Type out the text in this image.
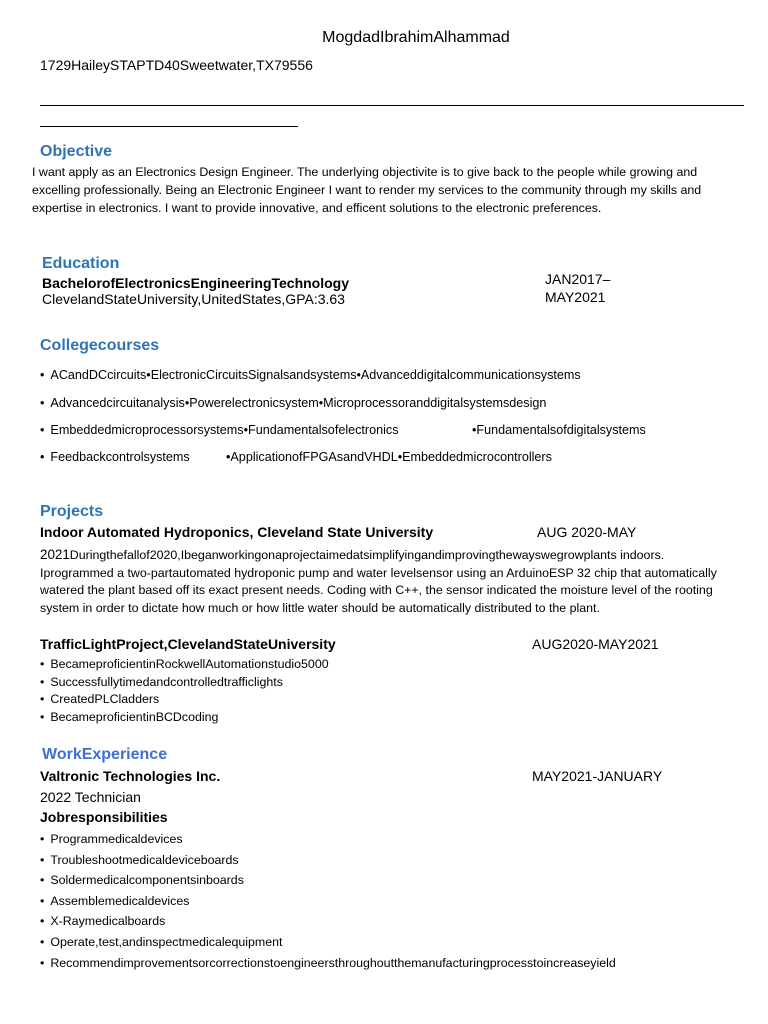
MogdadIbrahimAlhammad
1729HaileySTAPTD40Sweetwater,TX79556
Objective
I want apply as an Electronics Design Engineer. The underlying objectivite is to give back to the people while growing and excelling professionally. Being an Electronic Engineer I want to render my services to the community through my skills and expertise in electronics. I want to provide innovative, and efficent solutions to the electronic preferences.
Education
BachelorofElectronicsEngineeringTechnology
ClevelandStateUniversity,UnitedStates,GPA:3.63
JAN2017–
MAY2021
Collegecourses
• ACandDCcircuits•ElectronicCircuitsSignalsandsystems•Advanceddigitalcommunicationsystems
• Advancedcircuitanalysis•Powerelectronicsystem•Microprocessoranddigitalsystemsdesign
• Embeddedmicroprocessorsystems•Fundamentalsofelectronics	•Fundamentalsofdigitalsystems
• Feedbackcontrolsystems	•ApplicationofFPGAsandVHDL•Embeddedmicrocontrollers
Projects
Indoor Automated Hydroponics, Cleveland State University	AUG 2020-MAY
2021Duringthefallof2020,Ibeganworkingonaprojectaimedatsimplifyingandimprovingthewayswegrowplants indoors. Iprogrammed a two-partautomated hydroponic pump and water levelsensor using an ArduinoESP 32 chip that automatically watered the plant based off its exact present needs. Coding with C++, the sensor indicated the moisture level of the rooting system in order to dictate how much or how little water should be automatically distributed to the plant.
TrafficLightProject,ClevelandStateUniversity	AUG2020-MAY2021
• BecameproficientinRockwellAutomationstudio5000
• Successfullytimedandcontrolledtrafficlights
• CreatedPLCladders
• BecameproficientinBCDcoding
WorkExperience
Valtronic Technologies Inc.	MAY2021-JANUARY
2022 Technician
Jobresponsibilities
• Programmedicaldevices
• Troubleshootmedicaldeviceboards
• Soldermedicalcomponentsinboards
• Assemblemedicaldevices
• X-Raymedicalboards
• Operate,test,andinspectmedicalequipment
• Recommendimprovementsorcorrectionstoengineersthroughoutthemanufacturingprocesstoincreaseyield
